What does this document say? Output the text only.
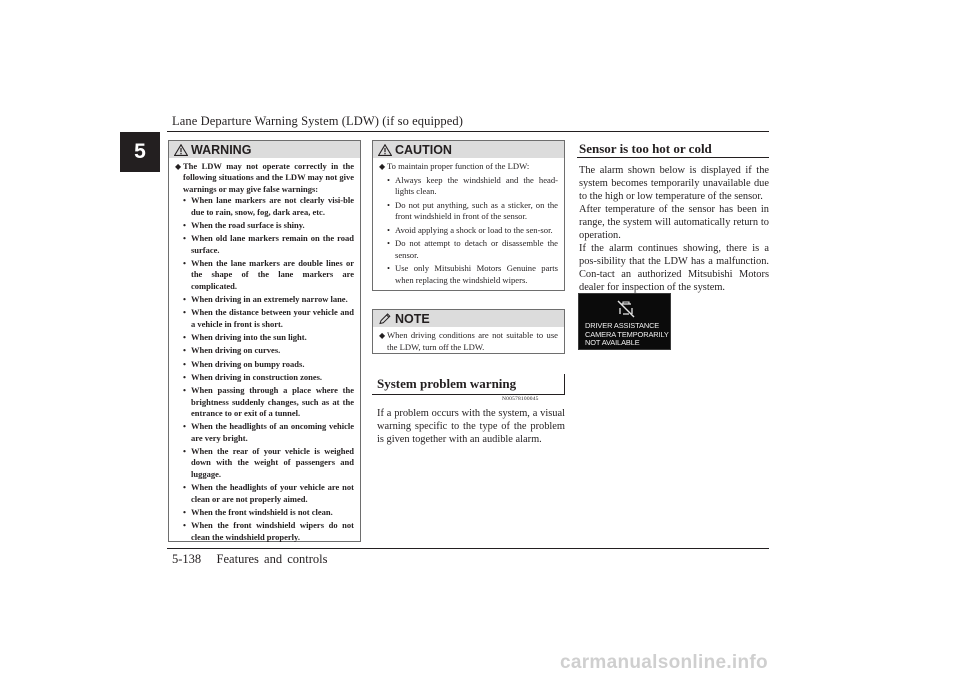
Lane Departure Warning System (LDW) (if so equipped)
5	WARNING
◆ The LDW may not operate correctly in the following situations and the LDW may not give warnings or may give false warnings:
• When lane markers are not clearly visi-ble due to rain, snow, fog, dark area, etc.
• When the road surface is shiny.
• When old lane markers remain on the road surface.
• When the lane markers are double lines or the shape of the lane markers are complicated.
• When driving in an extremely narrow lane.
• When the distance between your vehicle and a vehicle in front is short.
• When driving into the sun light.
• When driving on curves.
• When driving on bumpy roads.
• When driving in construction zones.
• When passing through a place where the brightness suddenly changes, such as at the entrance to or exit of a tunnel.
• When the headlights of an oncoming vehicle are very bright.
• When the rear of your vehicle is weighed down with the weight of passengers and luggage.
• When the headlights of your vehicle are not clean or are not properly aimed.
• When the front windshield is not clean.
• When the front windshield wipers do not clean the windshield properly.
CAUTION
◆ To maintain proper function of the LDW:
• Always keep the windshield and the head-lights clean.
• Do not put anything, such as a sticker, on the front windshield in front of the sensor.
• Avoid applying a shock or load to the sen-sor.
• Do not attempt to detach or disassemble the sensor.
• Use only Mitsubishi Motors Genuine parts when replacing the windshield wipers.
NOTE
◆ When driving conditions are not suitable to use the LDW, turn off the LDW.
System problem warning
N00578100045
If a problem occurs with the system, a visual warning specific to the type of the problem is given together with an audible alarm.
Sensor is too hot or cold
The alarm shown below is displayed if the system becomes temporarily unavailable due to the high or low temperature of the sensor.
After temperature of the sensor has been in range, the system will automatically return to operation.
If the alarm continues showing, there is a pos-sibility that the LDW has a malfunction. Con-tact an authorized Mitsubishi Motors dealer for inspection of the system.
DRIVER ASSISTANCE CAMERA TEMPORARILY NOT AVAILABLE
5-138 Features and controls
carmanualsonline.info
